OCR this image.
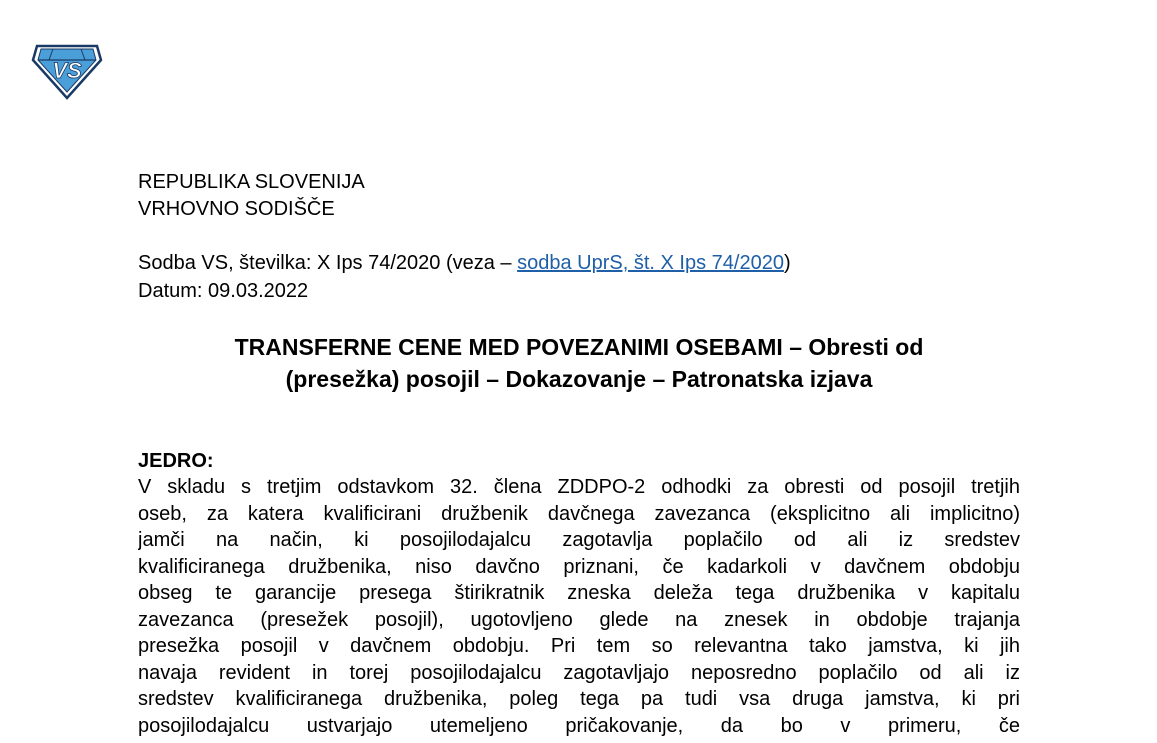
VS
REPUBLIKA SLOVENIJA
VRHOVNO SODIŠČE
Sodba VS, številka: X Ips 74/2020 (veza – sodba UprS, št. X Ips 74/2020)
Datum: 09.03.2022
TRANSFERNE CENE MED POVEZANIMI OSEBAMI – Obresti od
(presežka) posojil – Dokazovanje – Patronatska izjava
JEDRO:
V skladu s tretjim odstavkom 32. člena ZDDPO-2 odhodki za obresti od posojil tretjih
oseb, za katera kvalificirani družbenik davčnega zavezanca (eksplicitno ali implicitno)
jamči na način, ki posojilodajalcu zagotavlja poplačilo od ali iz sredstev
kvalificiranega družbenika, niso davčno priznani, če kadarkoli v davčnem obdobju
obseg te garancije presega štirikratnik zneska deleža tega družbenika v kapitalu
zavezanca (presežek posojil), ugotovljeno glede na znesek in obdobje trajanja
presežka posojil v davčnem obdobju. Pri tem so relevantna tako jamstva, ki jih
navaja revident in torej posojilodajalcu zagotavljajo neposredno poplačilo od ali iz
sredstev kvalificiranega družbenika, poleg tega pa tudi vsa druga jamstva, ki pri
posojilodajalcu ustvarjajo utemeljeno pričakovanje, da bo v primeru, če
